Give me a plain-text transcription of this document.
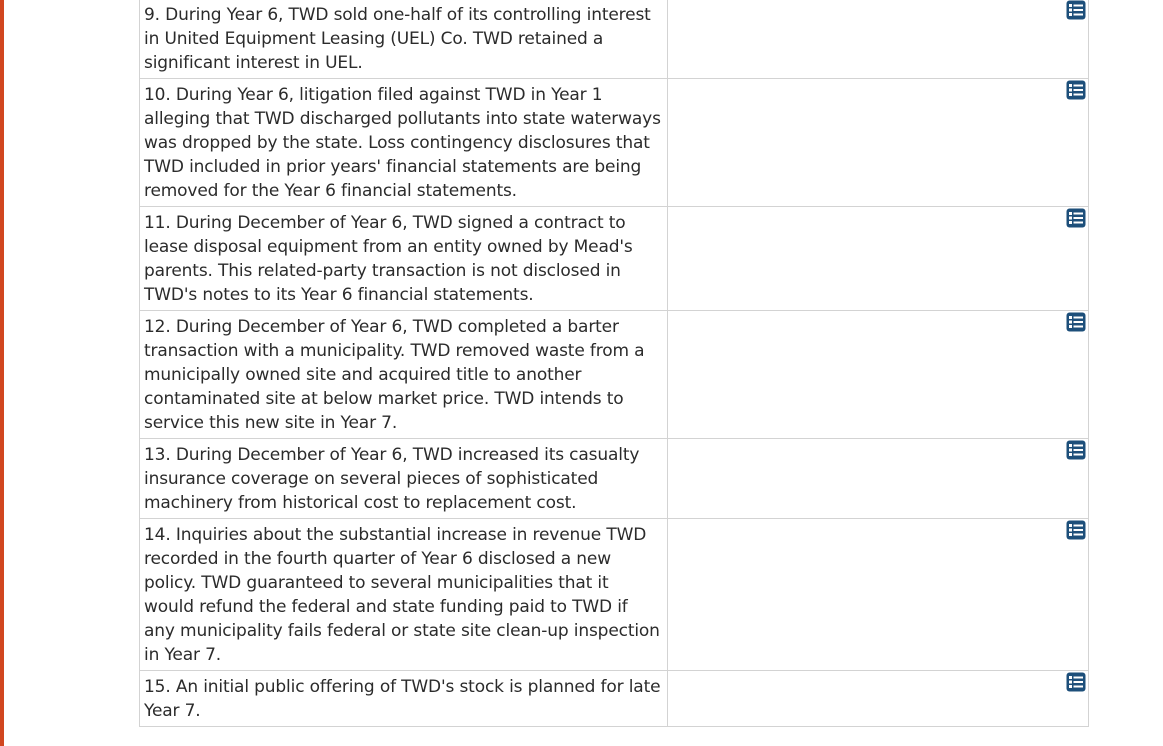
9. During Year 6, TWD sold one-half of its controlling interest in United Equipment Leasing (UEL) Co. TWD retained a significant interest in UEL.	

10. During Year 6, litigation filed against TWD in Year 1 alleging that TWD discharged pollutants into state waterways was dropped by the state. Loss contingency disclosures that TWD included in prior years' financial statements are being removed for the Year 6 financial statements.	

11. During December of Year 6, TWD signed a contract to lease disposal equipment from an entity owned by Mead's parents. This related-party transaction is not disclosed in TWD's notes to its Year 6 financial statements.	

12. During December of Year 6, TWD completed a barter transaction with a municipality. TWD removed waste from a municipally owned site and acquired title to another contaminated site at below market price. TWD intends to service this new site in Year 7.	

13. During December of Year 6, TWD increased its casualty insurance coverage on several pieces of sophisticated machinery from historical cost to replacement cost.	

14. Inquiries about the substantial increase in revenue TWD recorded in the fourth quarter of Year 6 disclosed a new policy. TWD guaranteed to several municipalities that it would refund the federal and state funding paid to TWD if any municipality fails federal or state site clean-up inspection in Year 7.	

15. An initial public offering of TWD's stock is planned for late Year 7.	
